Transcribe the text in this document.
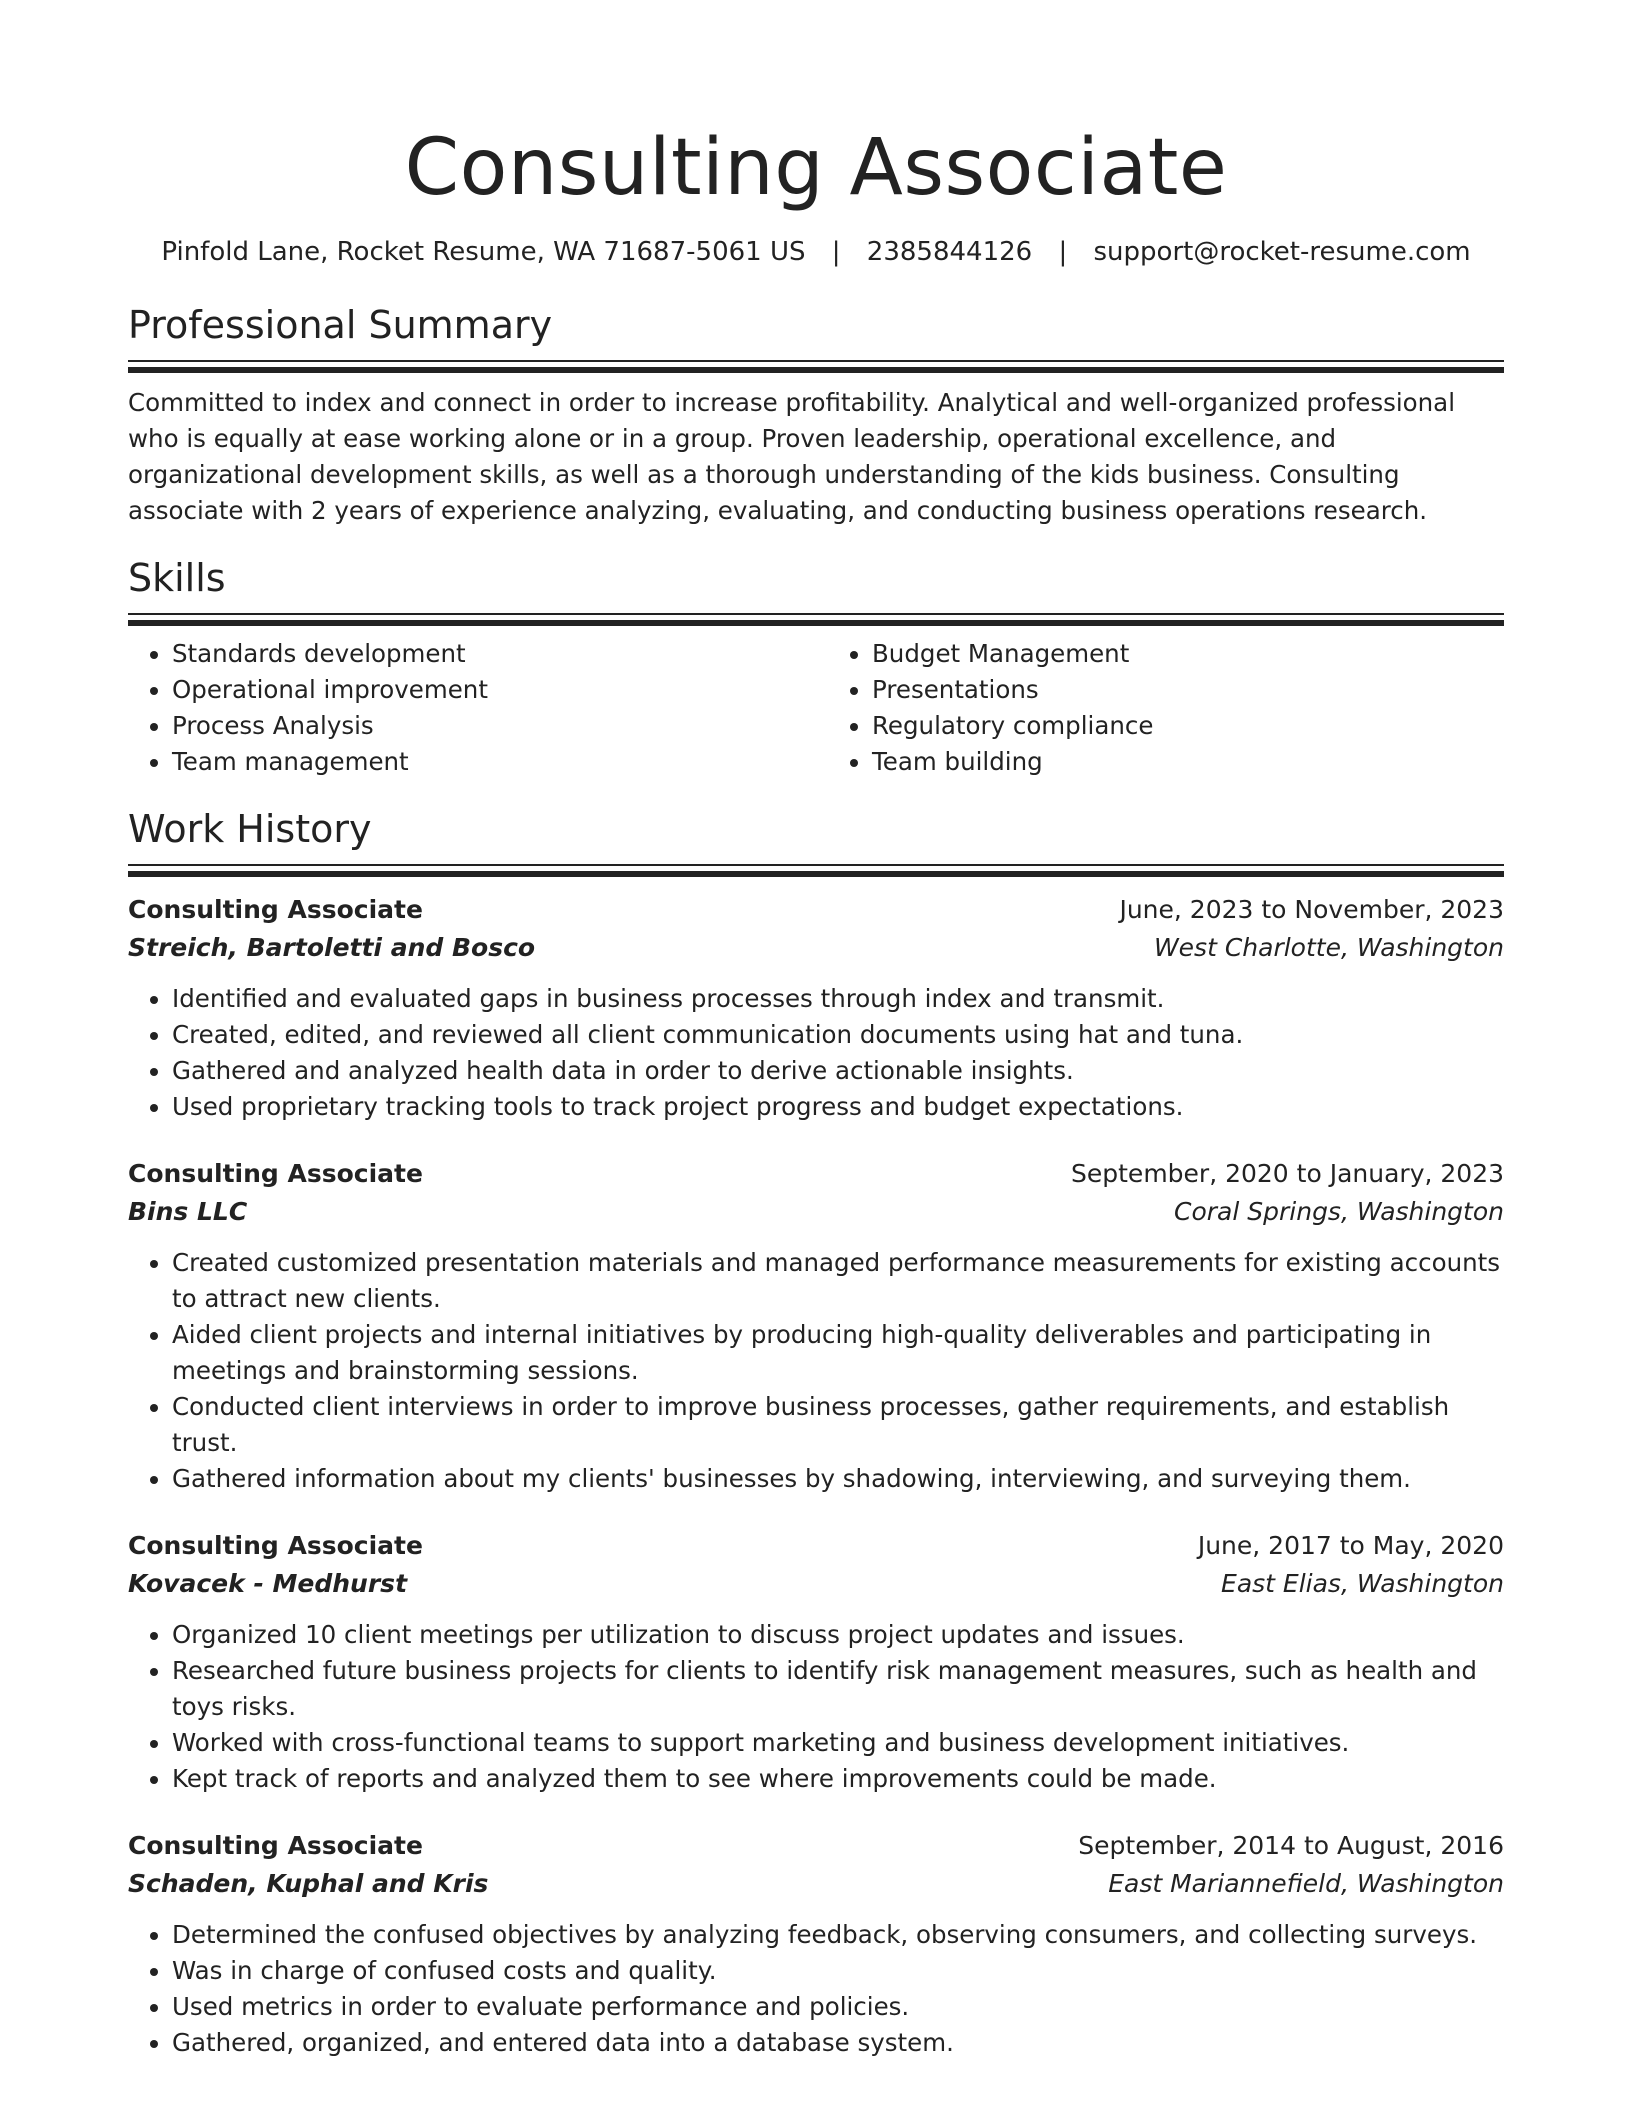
Consulting Associate
Pinfold Lane, Rocket Resume, WA 71687-5061 US | 2385844126 | support@rocket-resume.com
Professional Summary
Committed to index and connect in order to increase profitability. Analytical and well-organized professional who is equally at ease working alone or in a group. Proven leadership, operational excellence, and organizational development skills, as well as a thorough understanding of the kids business. Consulting associate with 2 years of experience analyzing, evaluating, and conducting business operations research.
Skills
• Standards development
• Operational improvement
• Process Analysis
• Team management
• Budget Management
• Presentations
• Regulatory compliance
• Team building
Work History
Consulting Associate	June, 2023 to November, 2023
Streich, Bartoletti and Bosco	West Charlotte, Washington
• Identified and evaluated gaps in business processes through index and transmit.
• Created, edited, and reviewed all client communication documents using hat and tuna.
• Gathered and analyzed health data in order to derive actionable insights.
• Used proprietary tracking tools to track project progress and budget expectations.
Consulting Associate	September, 2020 to January, 2023
Bins LLC	Coral Springs, Washington
• Created customized presentation materials and managed performance measurements for existing accounts to attract new clients.
• Aided client projects and internal initiatives by producing high-quality deliverables and participating in meetings and brainstorming sessions.
• Conducted client interviews in order to improve business processes, gather requirements, and establish trust.
• Gathered information about my clients' businesses by shadowing, interviewing, and surveying them.
Consulting Associate	June, 2017 to May, 2020
Kovacek - Medhurst	East Elias, Washington
• Organized 10 client meetings per utilization to discuss project updates and issues.
• Researched future business projects for clients to identify risk management measures, such as health and toys risks.
• Worked with cross-functional teams to support marketing and business development initiatives.
• Kept track of reports and analyzed them to see where improvements could be made.
Consulting Associate	September, 2014 to August, 2016
Schaden, Kuphal and Kris	East Mariannefield, Washington
• Determined the confused objectives by analyzing feedback, observing consumers, and collecting surveys.
• Was in charge of confused costs and quality.
• Used metrics in order to evaluate performance and policies.
• Gathered, organized, and entered data into a database system.
